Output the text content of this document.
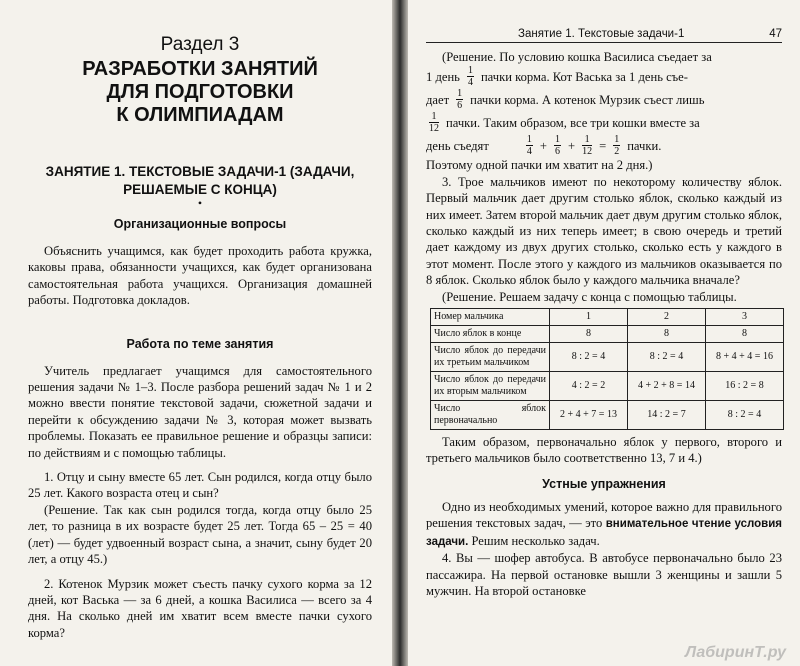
Раздел 3
РАЗРАБОТКИ ЗАНЯТИЙ
ДЛЯ ПОДГОТОВКИ
К ОЛИМПИАДАМ
ЗАНЯТИЕ 1. ТЕКСТОВЫЕ ЗАДАЧИ-1 (ЗАДАЧИ,
РЕШАЕМЫЕ С КОНЦА)
•
Организационные вопросы

Объяснить учащимся, как будет проходить работа кружка, каковы права, обязанности учащихся, как будет организована самостоятельная работа учащихся. Организация домашней работы. Подготовка докладов.

Работа по теме занятия

Учитель предлагает учащимся для самостоятельного решения задачи № 1–3. После разбора решений задач № 1 и 2 можно ввести понятие текстовой задачи, сюжетной задачи и перейти к обсуждению задачи № 3, которая может вызвать проблемы. Показать ее правильное решение и образцы записи: по действиям и с помощью таблицы.

1. Отцу и сыну вместе 65 лет. Сын родился, когда отцу было 25 лет. Какого возраста отец и сын?

(Решение. Так как сын родился тогда, когда отцу было 25 лет, то разница в их возрасте будет 25 лет. Тогда 65 – 25 = 40 (лет) — будет удвоенный возраст сына, а значит, сыну будет 20 лет, а отцу 45.)

2. Котенок Мурзик может съесть пачку сухого корма за 12 дней, кот Васька — за 6 дней, а кошка Василиса — всего за 4 дня. На сколько дней им хватит всем вместе пачки сухого корма?

Занятие 1. Текстовые задачи-1	47

(Решение. По условию кошка Василиса съедает за

1 день $\frac{1}{4}$ пачки корма. Кот Васька за 1 день съе-
дает $\frac{1}{6}$ пачки корма. А котенок Мурзик съест лишь
$\frac{1}{12}$ пачки. Таким образом, все три кошки вместе за
день съедят	$\frac{1}{4} + \frac{1}{6} + \frac{1}{12} = \frac{1}{2}$ пачки.

Поэтому одной пачки им хватит на 2 дня.)

3. Трое мальчиков имеют по некоторому количеству яблок. Первый мальчик дает другим столько яблок, сколько каждый из них имеет. Затем второй мальчик дает двум другим столько яблок, сколько каждый из них теперь имеет; в свою очередь и третий дает каждому из двух других столько, сколько есть у каждого в этот момент. После этого у каждого из мальчиков оказывается по 8 яблок. Сколько яблок было у каждого мальчика вначале?

(Решение. Решаем задачу с конца с помощью таблицы.

Номер мальчика	1	2	3
Число яблок в конце	8	8	8
Число яблок до передачи их третьим мальчиком	8 : 2 = 4	8 : 2 = 4	8 + 4 + 4 = 16
Число яблок до передачи их вторым мальчиком	4 : 2 = 2	4 + 2 + 8 = 14	16 : 2 = 8
Число яблок первоначально	2 + 4 + 7 = 13	14 : 2 = 7	8 : 2 = 4

Таким образом, первоначально яблок у первого, второго и третьего мальчиков было соответственно 13, 7 и 4.)

Устные упражнения

Одно из необходимых умений, которое важно для правильного решения текстовых задач, — это внимательное чтение условия задачи. Решим несколько задач.

4. Вы — шофер автобуса. В автобусе первоначально было 23 пассажира. На первой остановке вышли 3 женщины и зашли 5 мужчин. На второй остановке

ЛабиринТ.ру
